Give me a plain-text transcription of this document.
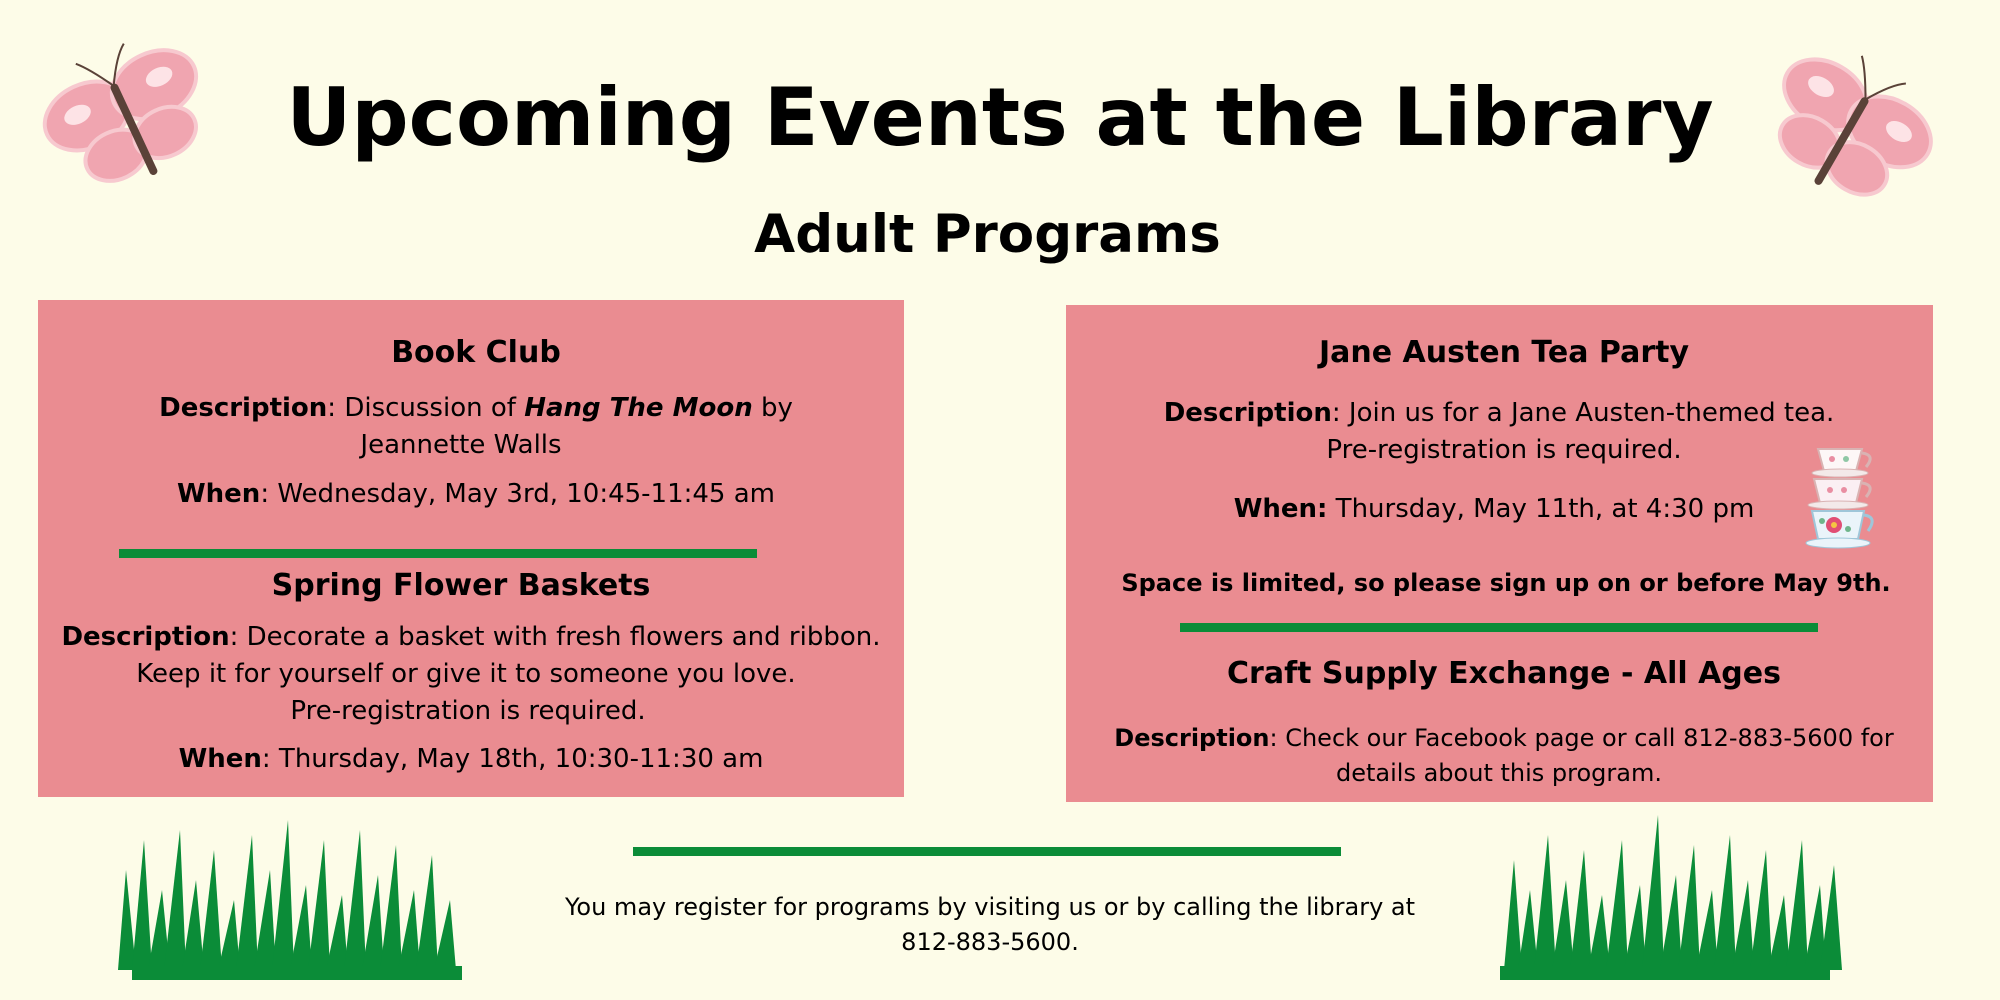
Upcoming Events at the Library
Adult Programs
Book Club
Description: Discussion of Hang The Moon by
Jeannette Walls
When: Wednesday, May 3rd, 10:45-11:45 am
Spring Flower Baskets
Description: Decorate a basket with fresh flowers and ribbon.
Keep it for yourself or give it to someone you love.
Pre-registration is required.
When: Thursday, May 18th, 10:30-11:30 am
Jane Austen Tea Party
Description: Join us for a Jane Austen-themed tea.
Pre-registration is required.
When: Thursday, May 11th, at 4:30 pm
Space is limited, so please sign up on or before May 9th.
Craft Supply Exchange - All Ages
Description: Check our Facebook page or call 812-883-5600 for
details about this program.
You may register for programs by visiting us or by calling the library at
812-883-5600.
